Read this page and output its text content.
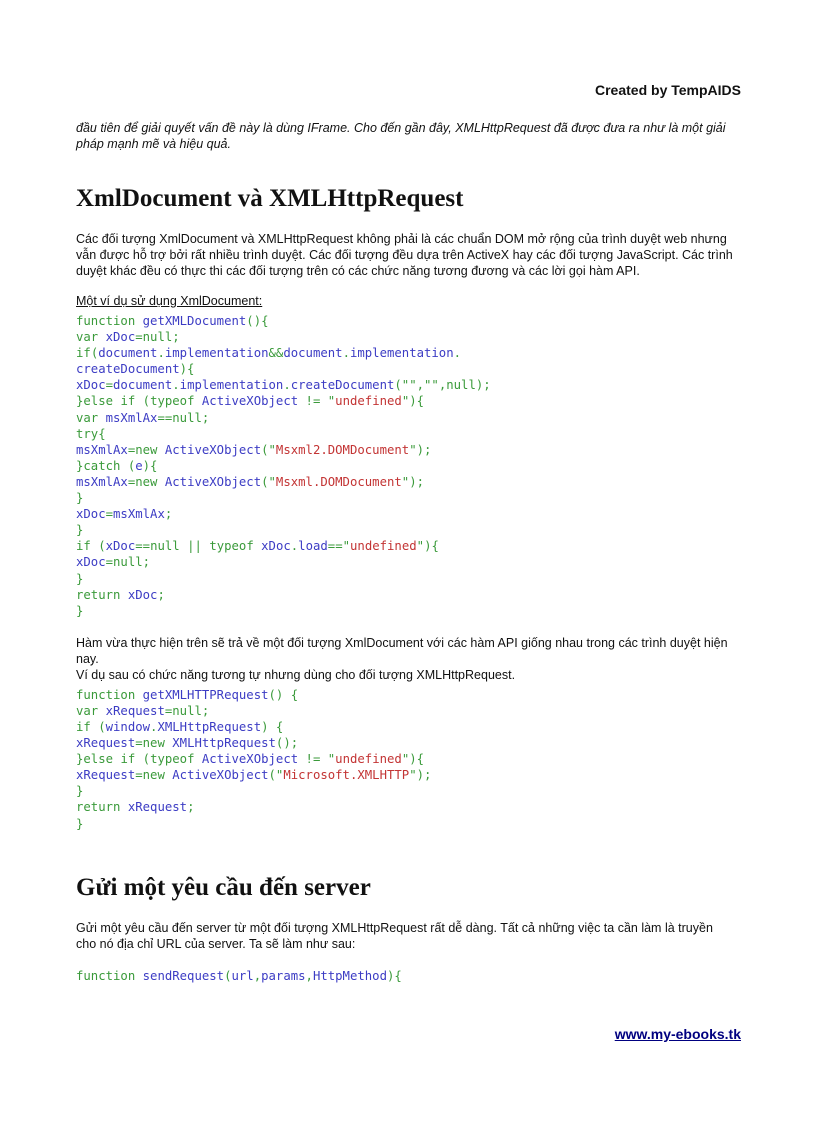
Created by TempAIDS

đầu tiên để giải quyết vấn đề này là dùng IFrame. Cho đến gần đây, XMLHttpRequest đã được đưa ra như là một giải pháp mạnh mẽ và hiệu quả.

XmlDocument và XMLHttpRequest

Các đối tượng XmlDocument và XMLHttpRequest không phải là các chuẩn DOM mở rộng của trình duyệt web nhưng vẫn được hỗ trợ bởi rất nhiều trình duyệt. Các đối tượng đều dựa trên ActiveX hay các đối tượng JavaScript. Các trình duyệt khác đều có thực thi các đối tượng trên có các chức năng tương đương và các lời gọi hàm API.

Một ví dụ sử dụng XmlDocument:

function getXMLDocument(){
var xDoc=null;
if(document.implementation&&document.implementation.
createDocument){
xDoc=document.implementation.createDocument("","",null);
}else if (typeof ActiveXObject != "undefined"){
var msXmlAx==null;
try{
msXmlAx=new ActiveXObject("Msxml2.DOMDocument");
}catch (e){
msXmlAx=new ActiveXObject("Msxml.DOMDocument");
}
xDoc=msXmlAx;
}
if (xDoc==null || typeof xDoc.load=="undefined"){
xDoc=null;
}
return xDoc;
}

Hàm vừa thực hiện trên sẽ trả về một đối tượng XmlDocument với các hàm API giống nhau trong các trình duyệt hiện nay.

Ví dụ sau có chức năng tương tự nhưng dùng cho đối tượng XMLHttpRequest.

function getXMLHTTPRequest() {
var xRequest=null;
if (window.XMLHttpRequest) {
xRequest=new XMLHttpRequest();
}else if (typeof ActiveXObject != "undefined"){
xRequest=new ActiveXObject("Microsoft.XMLHTTP");
}
return xRequest;
}
Gửi một yêu cầu đến server

Gửi một yêu cầu đến server từ một đối tượng XMLHttpRequest rất dễ dàng. Tất cả những việc ta cần làm là truyền cho nó địa chỉ URL của server. Ta sẽ làm như sau:

function sendRequest(url,params,HttpMethod){
www.my-ebooks.tk
